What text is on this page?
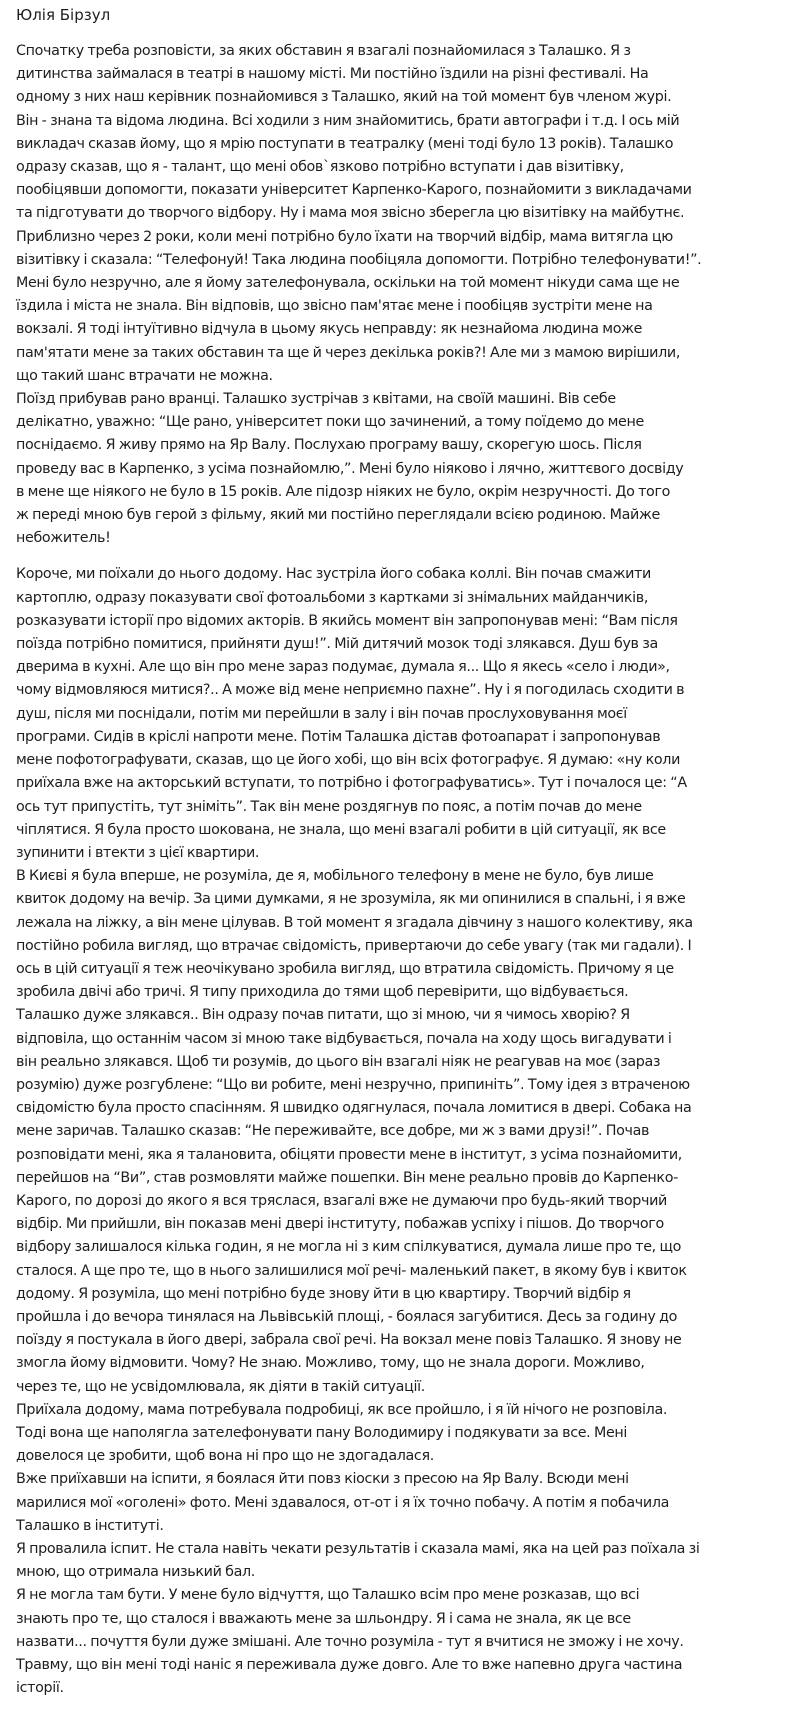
Юлія Бірзул
Спочатку треба розповісти, за яких обставин я взагалі познайомилася з Талашко. Я з
дитинства займалася в театрі в нашому місті. Ми постійно їздили на різні фестивалі. На
одному з них наш керівник познайомився з Талашко, який на той момент був членом журі.
Він - знана та відома людина. Всі ходили з ним знайомитись, брати автографи і т.д. І ось мій
викладач сказав йому, що я мрію поступати в театралку (мені тоді було 13 років). Талашко
одразу сказав, що я - талант, що мені обов`язково потрібно вступати і дав візитівку,
пообіцявши допомогти, показати університет Карпенко-Карого, познайомити з викладачами
та підготувати до творчого відбору. Ну і мама моя звісно зберегла цю візитівку на майбутнє.
Приблизно через 2 роки, коли мені потрібно було їхати на творчий відбір, мама витягла цю
візитівку і сказала: “Телефонуй! Така людина пообіцяла допомогти. Потрібно телефонувати!”.
Мені було незручно, але я йому зателефонувала, оскільки на той момент нікуди сама ще не
їздила і міста не знала. Він відповів, що звісно пам'ятає мене і пообіцяв зустріти мене на
вокзалі. Я тоді інтуїтивно відчула в цьому якусь неправду: як незнайома людина може
пам'ятати мене за таких обставин та ще й через декілька років?! Але ми з мамою вирішили,
що такий шанс втрачати не можна.
Поїзд прибував рано вранці. Талашко зустрічав з квітами, на своїй машині. Вів себе
делікатно, уважно: “Ще рано, університет поки що зачинений, а тому поїдемо до мене
поснідаємо. Я живу прямо на Яр Валу. Послухаю програму вашу, скорегую шось. Після
проведу вас в Карпенко, з усіма познайомлю,”. Мені було ніяково і лячно, життєвого досвіду
в мене ще ніякого не було в 15 років. Але підозр ніяких не було, окрім незручності. До того
ж переді мною був герой з фільму, який ми постійно переглядали всією родиною. Майже
небожитель!
Короче, ми поїхали до нього додому. Нас зустріла його собака коллі. Він почав смажити
картоплю, одразу показувати свої фотоальбоми з картками зі знімальних майданчиків,
розказувати історії про відомих акторів. В якийсь момент він запропонував мені: “Вам після
поїзда потрібно помитися, прийняти душ!”. Мій дитячий мозок тоді злякався. Душ був за
дверима в кухні. Але що він про мене зараз подумає, думала я... Що я якесь «село і люди»,
чому відмовляюся митися?.. А може від мене неприємно пахне”. Ну і я погодилась сходити в
душ, після ми поснідали, потім ми перейшли в залу і він почав прослуховування моєї
програми. Сидів в кріслі напроти мене. Потім Талашка дістав фотоапарат і запропонував
мене пофотографувати, сказав, що це його хобі, що він всіх фотографує. Я думаю: «ну коли
приїхала вже на акторський вступати, то потрібно і фотографуватись». Тут і почалося це: “А
ось тут припустіть, тут зніміть”. Так він мене роздягнув по пояс, а потім почав до мене
чіплятися. Я була просто шокована, не знала, що мені взагалі робити в цій ситуації, як все
зупинити і втекти з цієї квартири.
В Києві я була вперше, не розуміла, де я, мобільного телефону в мене не було, був лише
квиток додому на вечір. За цими думками, я не зрозуміла, як ми опинилися в спальні, і я вже
лежала на ліжку, а він мене цілував. В той момент я згадала дівчину з нашого колективу, яка
постійно робила вигляд, що втрачає свідомість, привертаючи до себе увагу (так ми гадали). І
ось в цій ситуації я теж неочікувано зробила вигляд, що втратила свідомість. Причому я це
зробила двічі або тричі. Я типу приходила до тями щоб перевірити, що відбувається.
Талашко дуже злякався.. Він одразу почав питати, що зі мною, чи я чимось хворію? Я
відповіла, що останнім часом зі мною таке відбувається, почала на ходу щось вигадувати і
він реально злякався. Щоб ти розумів, до цього він взагалі ніяк не реагував на моє (зараз
розумію) дуже розгублене: “Що ви робите, мені незручно, припиніть”. Тому ідея з втраченою
свідомістю була просто спасінням. Я швидко одягнулася, почала ломитися в двері. Собака на
мене заричав. Талашко сказав: “Не переживайте, все добре, ми ж з вами друзі!”. Почав
розповідати мені, яка я талановита, обіцяти провести мене в інститут, з усіма познайомити,
перейшов на “Ви”, став розмовляти майже пошепки. Він мене реально провів до Карпенко-
Карого, по дорозі до якого я вся тряслася, взагалі вже не думаючи про будь-який творчий
відбір. Ми прийшли, він показав мені двері інституту, побажав успіху і пішов. До творчого
відбору залишалося кілька годин, я не могла ні з ким спілкуватися, думала лише про те, що
сталося. А ще про те, що в нього залишилися мої речі- маленький пакет, в якому був і квиток
додому. Я розуміла, що мені потрібно буде знову йти в цю квартиру. Творчий відбір я
пройшла і до вечора тинялася на Львівській площі, - боялася загубитися. Десь за годину до
поїзду я постукала в його двері, забрала свої речі. На вокзал мене повіз Талашко. Я знову не
змогла йому відмовити. Чому? Не знаю. Можливо, тому, що не знала дороги. Можливо,
через те, що не усвідомлювала, як діяти в такій ситуації.
Приїхала додому, мама потребувала подробиці, як все пройшло, і я їй нічого не розповіла.
Тоді вона ще наполягла зателефонувати пану Володимиру і подякувати за все. Мені
довелося це зробити, щоб вона ні про що не здогадалася.
Вже приїхавши на іспити, я боялася йти повз кіоски з пресою на Яр Валу. Всюди мені
марилися мої «оголені» фото. Мені здавалося, от-от і я їх точно побачу. А потім я побачила
Талашко в інституті.
Я провалила іспит. Не стала навіть чекати результатів і сказала мамі, яка на цей раз поїхала зі
мною, що отримала низький бал.
Я не могла там бути. У мене було відчуття, що Талашко всім про мене розказав, що всі
знають про те, що сталося і вважають мене за шльондру. Я і сама не знала, як це все
назвати... почуття були дуже змішані. Але точно розуміла - тут я вчитися не зможу і не хочу.
Травму, що він мені тоді наніс я переживала дуже довго. Але то вже напевно друга частина
історії.
